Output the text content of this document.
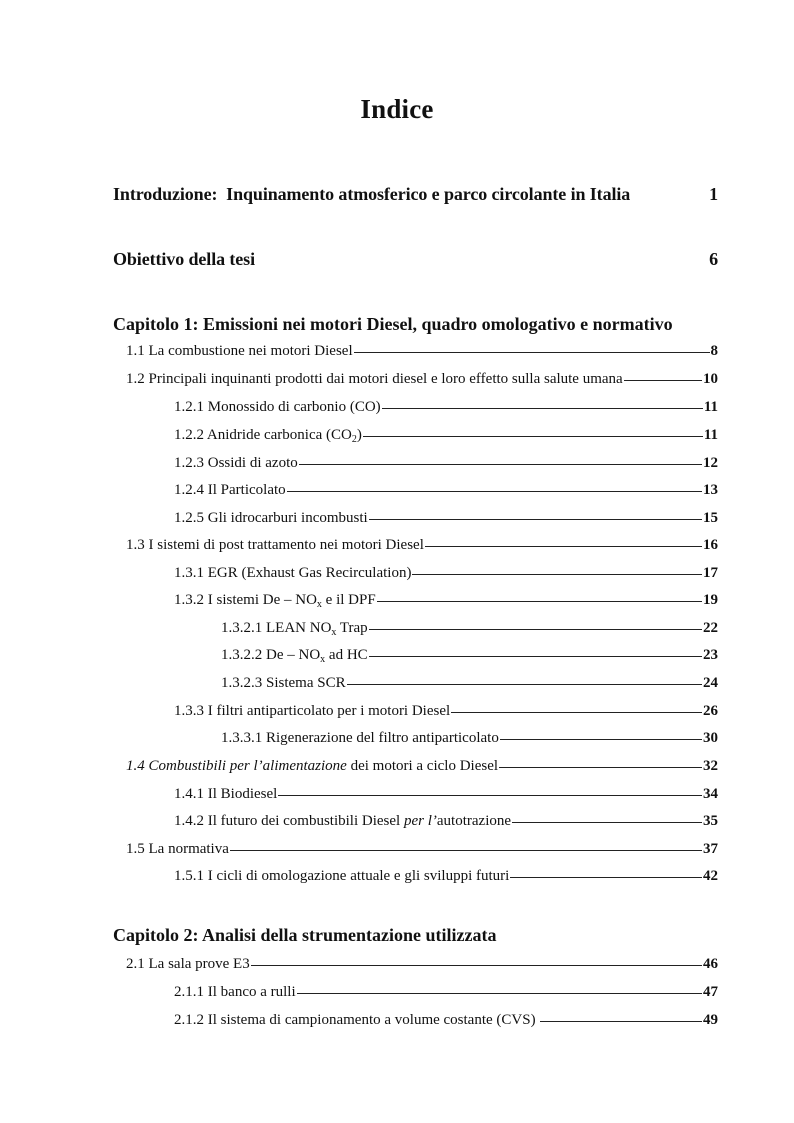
Indice
Introduzione:  Inquinamento atmosferico e parco circolante in Italia	1
Obiettivo della tesi	6
Capitolo 1: Emissioni nei motori Diesel, quadro omologativo e normativo
1.1 La combustione nei motori Diesel	8
1.2 Principali inquinanti prodotti dai motori diesel e loro effetto sulla salute umana	10
1.2.1 Monossido di carbonio (CO)	11
1.2.2 Anidride carbonica $(CO_2)$	11
1.2.3 Ossidi di azoto	12
1.2.4 Il Particolato	13
1.2.5 Gli idrocarburi incombusti	15
1.3 I sistemi di post trattamento nei motori Diesel	16
1.3.1 EGR (Exhaust Gas Recirculation)	17
1.3.2 I sistemi De – $NO_x$ e il DPF	19
1.3.2.1 LEAN $NO_x$ Trap	22
1.3.2.2 De – $NO_x$ ad HC	23
1.3.2.3 Sistema SCR	24
1.3.3 I filtri antiparticolato per i motori Diesel	26
1.3.3.1 Rigenerazione del filtro antiparticolato	30
1.4 Combustibili per l’alimentazione dei motori a ciclo Diesel	32
1.4.1 Il Biodiesel	34
1.4.2 Il futuro dei combustibili Diesel per l’autotrazione	35
1.5 La normativa	37
1.5.1 I cicli di omologazione attuale e gli sviluppi futuri	42
Capitolo 2: Analisi della strumentazione utilizzata
2.1 La sala prove E3	46
2.1.1 Il banco a rulli	47
2.1.2 Il sistema di campionamento a volume costante (CVS)	49
